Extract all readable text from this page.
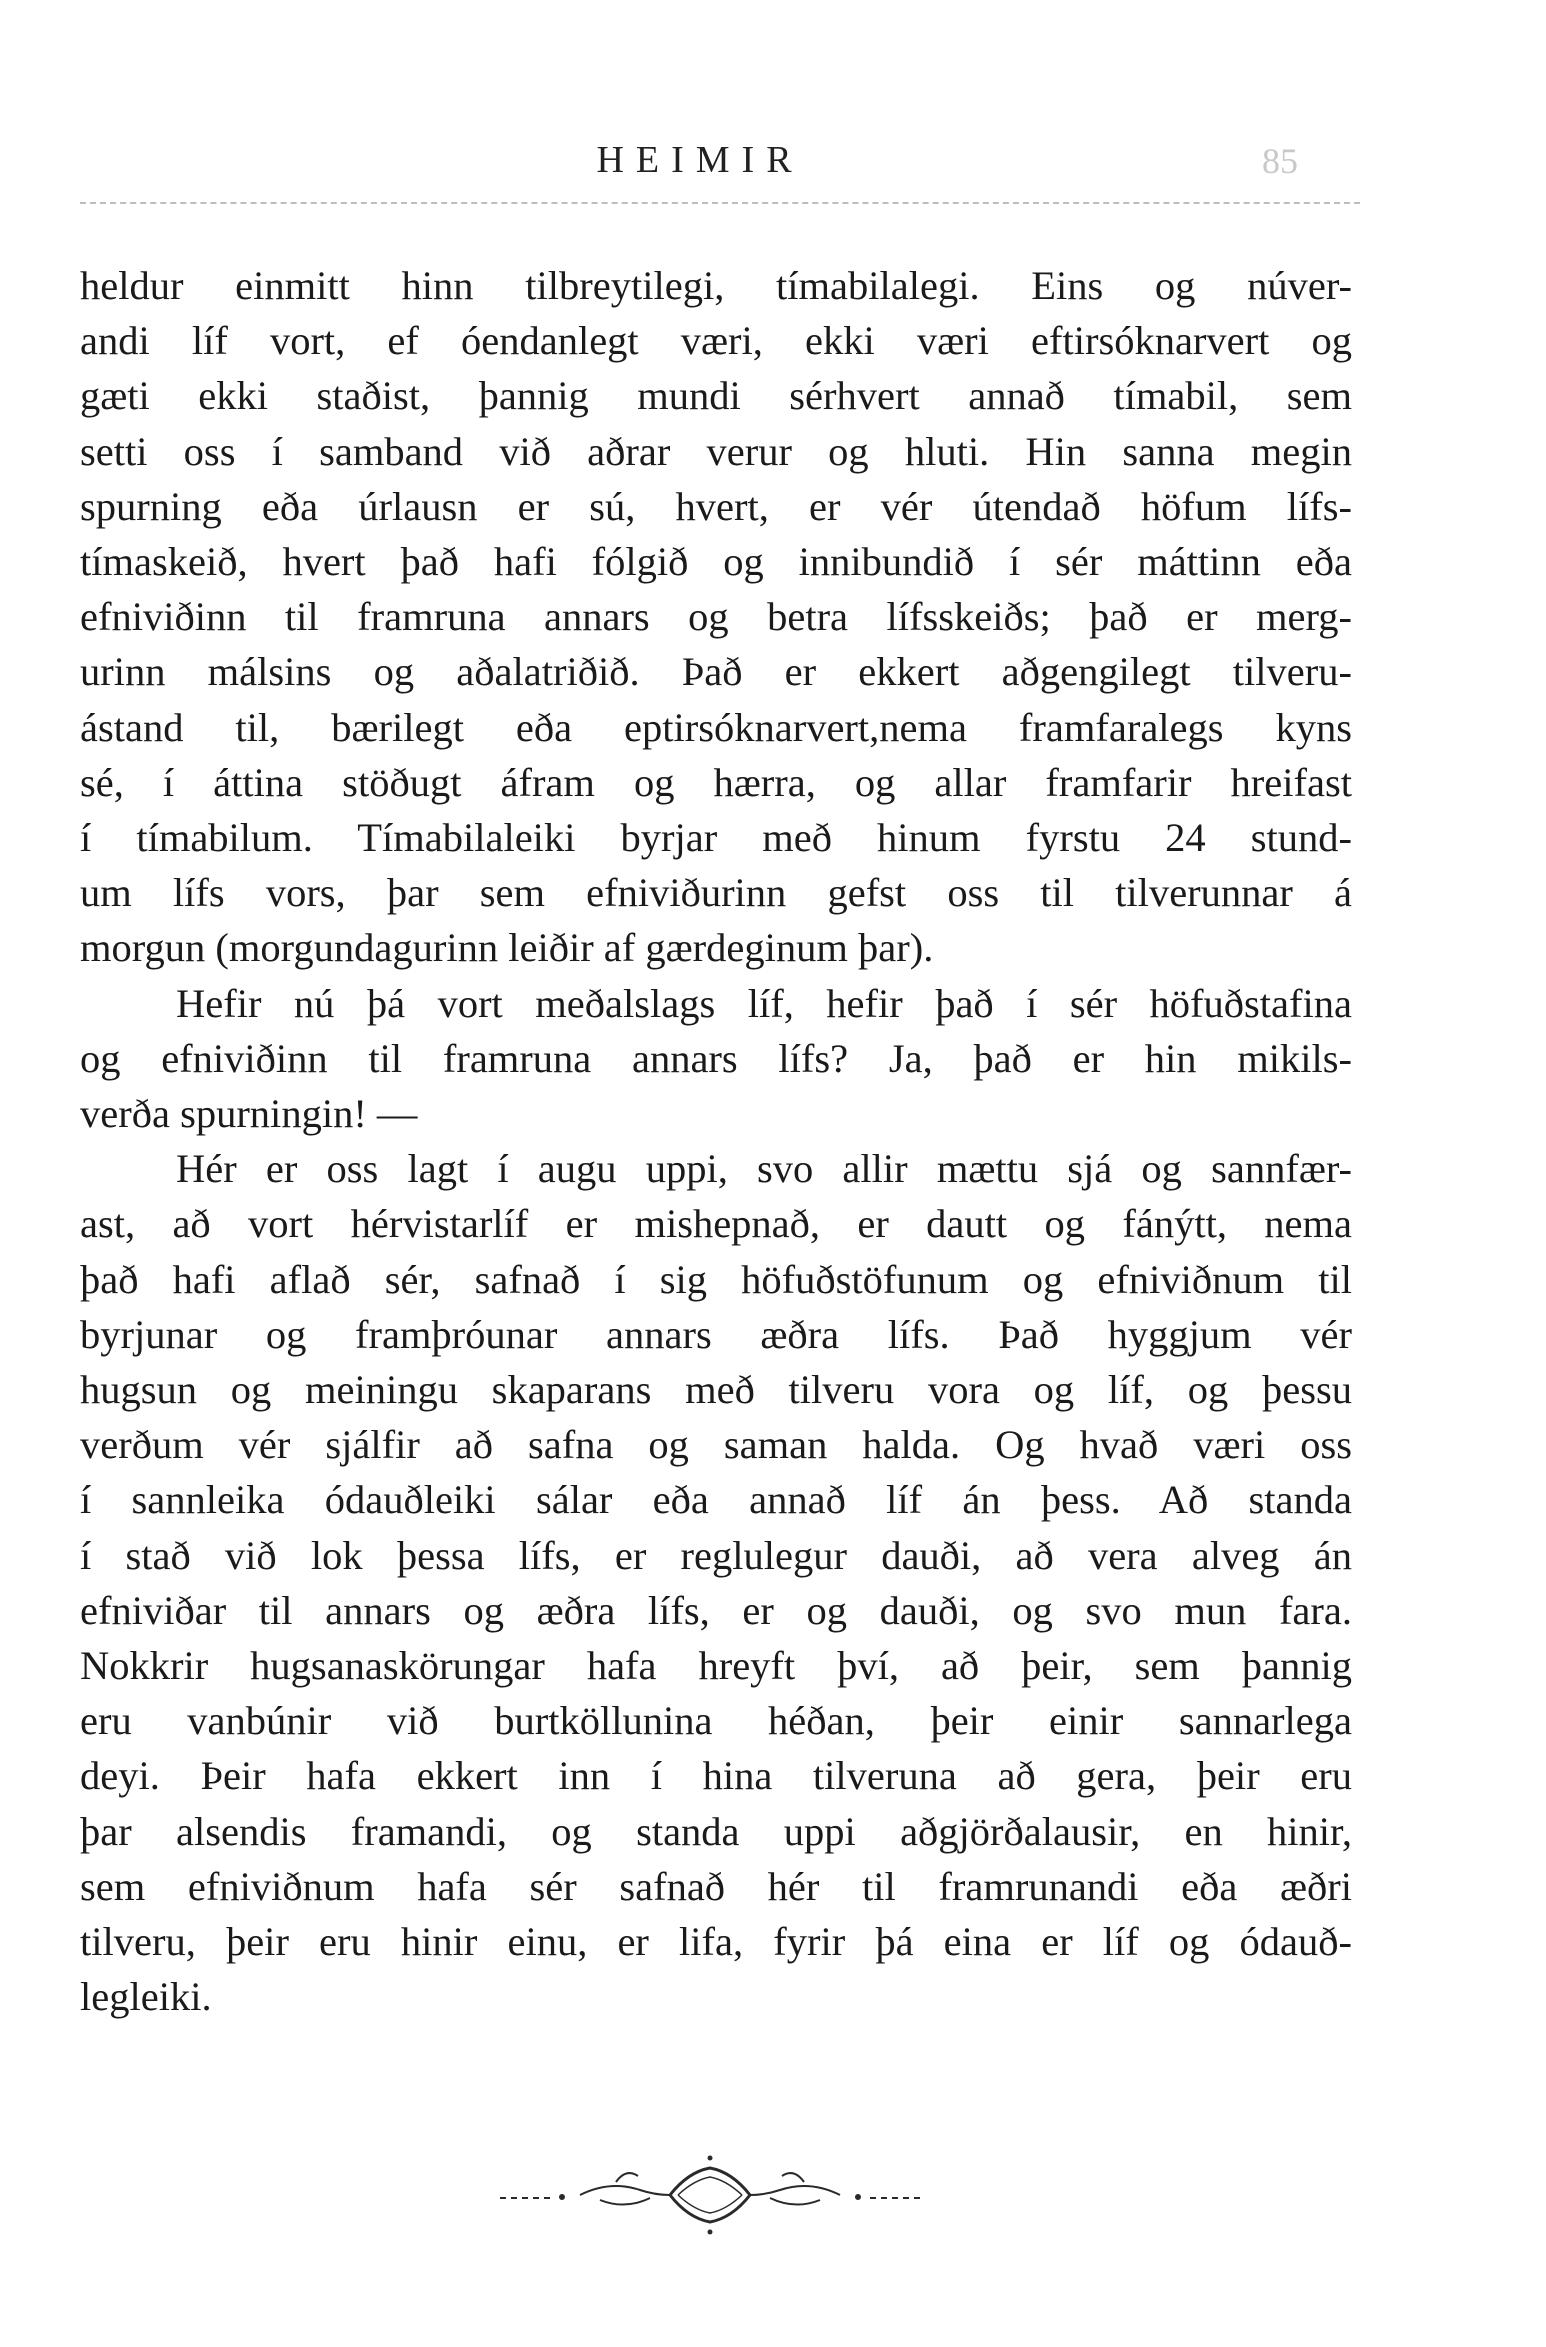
HEIMIR	85

heldur einmitt hinn tilbreytilegi, tímabilalegi. Eins og núver-
andi líf vort, ef óendanlegt væri, ekki væri eftirsóknarvert og
gæti ekki staðist, þannig mundi sérhvert annað tímabil, sem
setti oss í samband við aðrar verur og hluti. Hin sanna megin
spurning eða úrlausn er sú, hvert, er vér útendað höfum lífs-
tímaskeið, hvert það hafi fólgið og innibundið í sér máttinn eða
efniviðinn til framruna annars og betra lífsskeiðs; það er merg-
urinn málsins og aðalatriðið. Það er ekkert aðgengilegt tilveru-
ástand til, bærilegt eða eptirsóknarvert,nema framfaralegs kyns
sé, í áttina stöðugt áfram og hærra, og allar framfarir hreifast
í tímabilum. Tímabilaleiki byrjar með hinum fyrstu 24 stund-
um lífs vors, þar sem efniviðurinn gefst oss til tilverunnar á
morgun (morgundagurinn leiðir af gærdeginum þar).

Hefir nú þá vort meðalslags líf, hefir það í sér höfuðstafina
og efniviðinn til framruna annars lífs? Ja, það er hin mikils-
verða spurningin! —

Hér er oss lagt í augu uppi, svo allir mættu sjá og sannfær-
ast, að vort hérvistarlíf er mishepnað, er dautt og fánýtt, nema
það hafi aflað sér, safnað í sig höfuðstöfunum og efniviðnum til
byrjunar og framþróunar annars æðra lífs. Það hyggjum vér
hugsun og meiningu skaparans með tilveru vora og líf, og þessu
verðum vér sjálfir að safna og saman halda. Og hvað væri oss
í sannleika ódauðleiki sálar eða annað líf án þess. Að standa
í stað við lok þessa lífs, er reglulegur dauði, að vera alveg án
efniviðar til annars og æðra lífs, er og dauði, og svo mun fara.
Nokkrir hugsanaskörungar hafa hreyft því, að þeir, sem þannig
eru vanbúnir við burtköllunina héðan, þeir einir sannarlega
deyi. Þeir hafa ekkert inn í hina tilveruna að gera, þeir eru
þar alsendis framandi, og standa uppi aðgjörðalausir, en hinir,
sem efniviðnum hafa sér safnað hér til framrunandi eða æðri
tilveru, þeir eru hinir einu, er lifa, fyrir þá eina er líf og ódauð-
legleiki.
